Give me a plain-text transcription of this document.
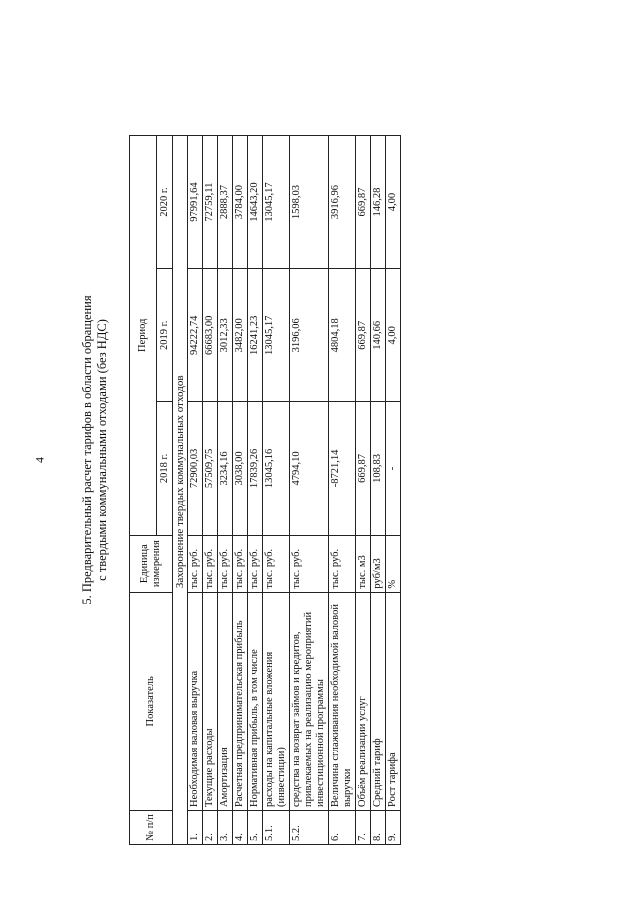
4	5. Предварительный расчет тарифов в области обращения с твердыми коммунальными отходами (без НДС)
№ п/п	Показатель	Единица измерения	Период		
			2018 г.	2019 г.	2020 г.
		Захоронение твердых коммунальных отходов			
1.	Необходимая валовая выручка	тыс. руб.	72900,03	94222,74	97991,64
2.	Текущие расходы	тыс. руб.	57509,75	66683,00	72759,11
3.	Амортизация	тыс. руб.	3234,16	3012,33	2888,37
4.	Расчетная предпринимательская прибыль	тыс. руб.	3038,00	3482,00	3784,00
5.	Нормативная прибыль, в том числе	тыс. руб.	17839,26	16241,23	14643,20
5.1.	расходы на капитальные вложения (инвестиции)	тыс. руб.	13045,16	13045,17	13045,17
5.2.	средства на возврат займов и кредитов, привлекаемых на реализацию мероприятий инвестиционной программы	тыс. руб.	4794,10	3196,06	1598,03
6.	Величина сглаживания необходимой валовой выручки	тыс. руб.	-8721,14	4804,18	3916,96
7.	Объём реализации услуг	тыс. м3	669,87	669,87	669,87
8.	Средний тариф	руб/м3	108,83	140,66	146,28
9.	Рост тарифа	%	-	4,00	4,00
